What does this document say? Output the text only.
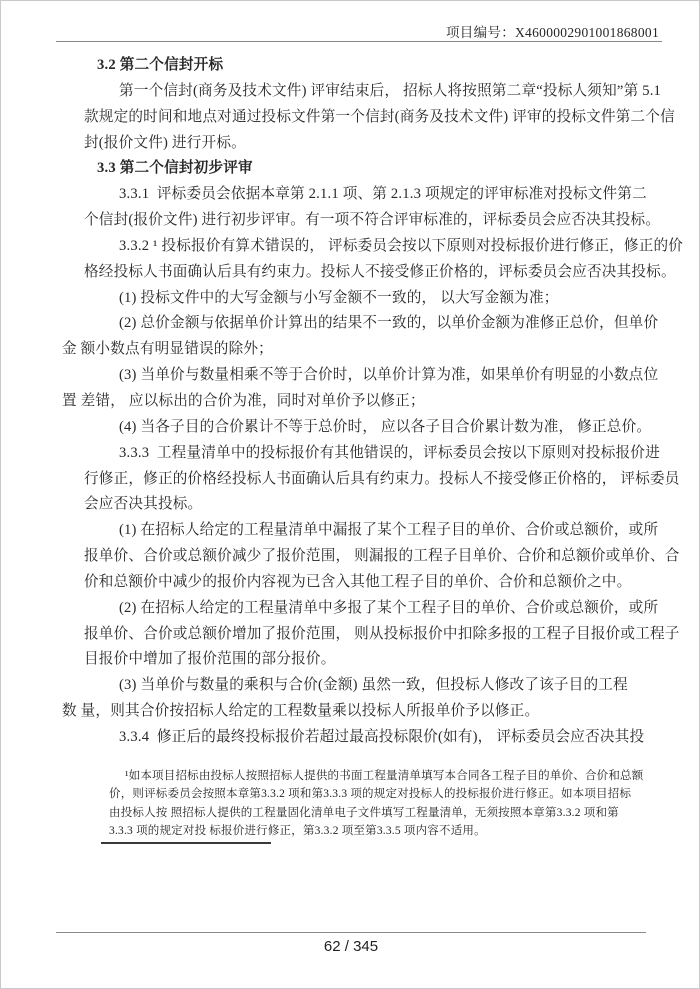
项目编号：X4600002901001868001
3.2 第二个信封开标
第一个信封(商务及技术文件) 评审结束后， 招标人将按照第二章“投标人须知”第 5.1
款规定的时间和地点对通过投标文件第一个信封(商务及技术文件) 评审的投标文件第二个信
封(报价文件) 进行开标。
3.3 第二个信封初步评审
3.3.1  评标委员会依据本章第 2.1.1 项、第 2.1.3 项规定的评审标准对投标文件第二
个信封(报价文件) 进行初步评审。有一项不符合评审标准的，评标委员会应否决其投标。
3.3.2 ¹ 投标报价有算术错误的， 评标委员会按以下原则对投标报价进行修正，修正的价
格经投标人书面确认后具有约束力。投标人不接受修正价格的，评标委员会应否决其投标。
(1) 投标文件中的大写金额与小写金额不一致的， 以大写金额为准；
(2) 总价金额与依据单价计算出的结果不一致的，以单价金额为准修正总价，但单价
金 额小数点有明显错误的除外；
(3) 当单价与数量相乘不等于合价时，以单价计算为准，如果单价有明显的小数点位
置 差错， 应以标出的合价为准，同时对单价予以修正；
(4) 当各子目的合价累计不等于总价时， 应以各子目合价累计数为准， 修正总价。
3.3.3  工程量清单中的投标报价有其他错误的，评标委员会按以下原则对投标报价进
行修正，修正的价格经投标人书面确认后具有约束力。投标人不接受修正价格的， 评标委员
会应否决其投标。
(1) 在招标人给定的工程量清单中漏报了某个工程子目的单价、合价或总额价，或所
报单价、合价或总额价减少了报价范围， 则漏报的工程子目单价、合价和总额价或单价、合
价和总额价中减少的报价内容视为已含入其他工程子目的单价、合价和总额价之中。
(2) 在招标人给定的工程量清单中多报了某个工程子目的单价、合价或总额价，或所
报单价、合价或总额价增加了报价范围， 则从投标报价中扣除多报的工程子目报价或工程子
目报价中增加了报价范围的部分报价。
(3) 当单价与数量的乘积与合价(金额) 虽然一致，但投标人修改了该子目的工程
数 量，则其合价按招标人给定的工程数量乘以投标人所报单价予以修正。
3.3.4  修正后的最终投标报价若超过最高投标限价(如有)， 评标委员会应否决其投
¹如本项目招标由投标人按照招标人提供的书面工程量清单填写本合同各工程子目的单价、合价和总额
价，则评标委员会按照本章第3.3.2 项和第3.3.3 项的规定对投标人的投标报价进行修正。如本项目招标
由投标人按 照招标人提供的工程量固化清单电子文件填写工程量清单，无须按照本章第3.3.2 项和第
3.3.3 项的规定对投 标报价进行修正，第3.3.2 项至第3.3.5 项内容不适用。
62 / 345
